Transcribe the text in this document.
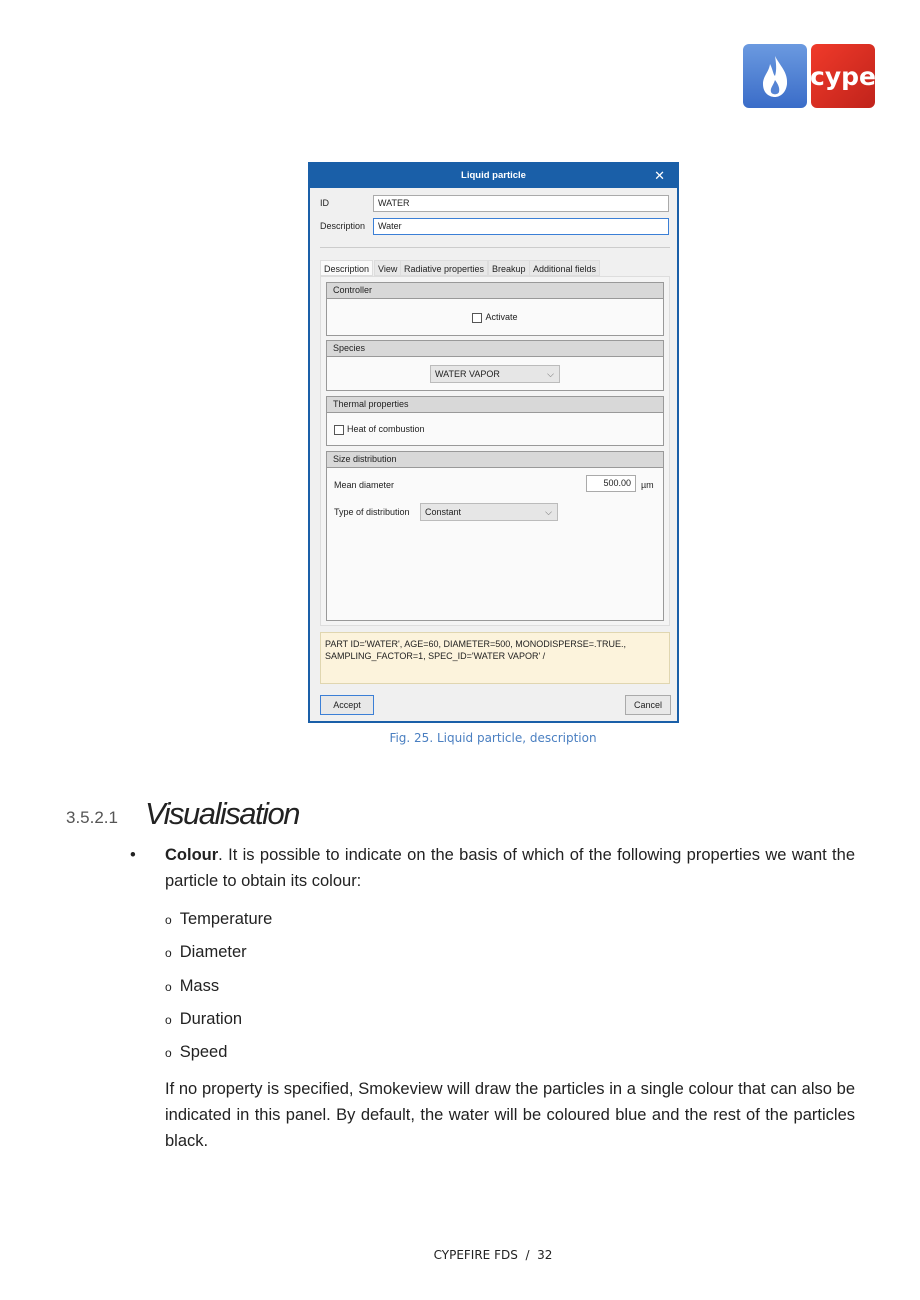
cype
Liquid particle	✕
ID	WATER
Description	Water
Description View Radiative properties Breakup Additional fields
Controller
Activate
Species
WATER VAPOR	⌵
Thermal properties
Heat of combustion
Size distribution
Mean diameter	500.00	µm
Type of distribution	Constant	⌵
PART ID='WATER', AGE=60, DIAMETER=500, MONODISPERSE=.TRUE.,
SAMPLING_FACTOR=1, SPEC_ID='WATER VAPOR' /
Accept	Cancel
Fig. 25. Liquid particle, description
3.5.2.1 Visualisation
• Colour. It is possible to indicate on the basis of which of the following properties we want the particle to obtain its colour:
o Temperature
o Diameter
o Mass
o Duration
o Speed
If no property is specified, Smokeview will draw the particles in a single colour that can also be indicated in this panel. By default, the water will be coloured blue and the rest of the particles black.
CYPEFIRE FDS  /  32
